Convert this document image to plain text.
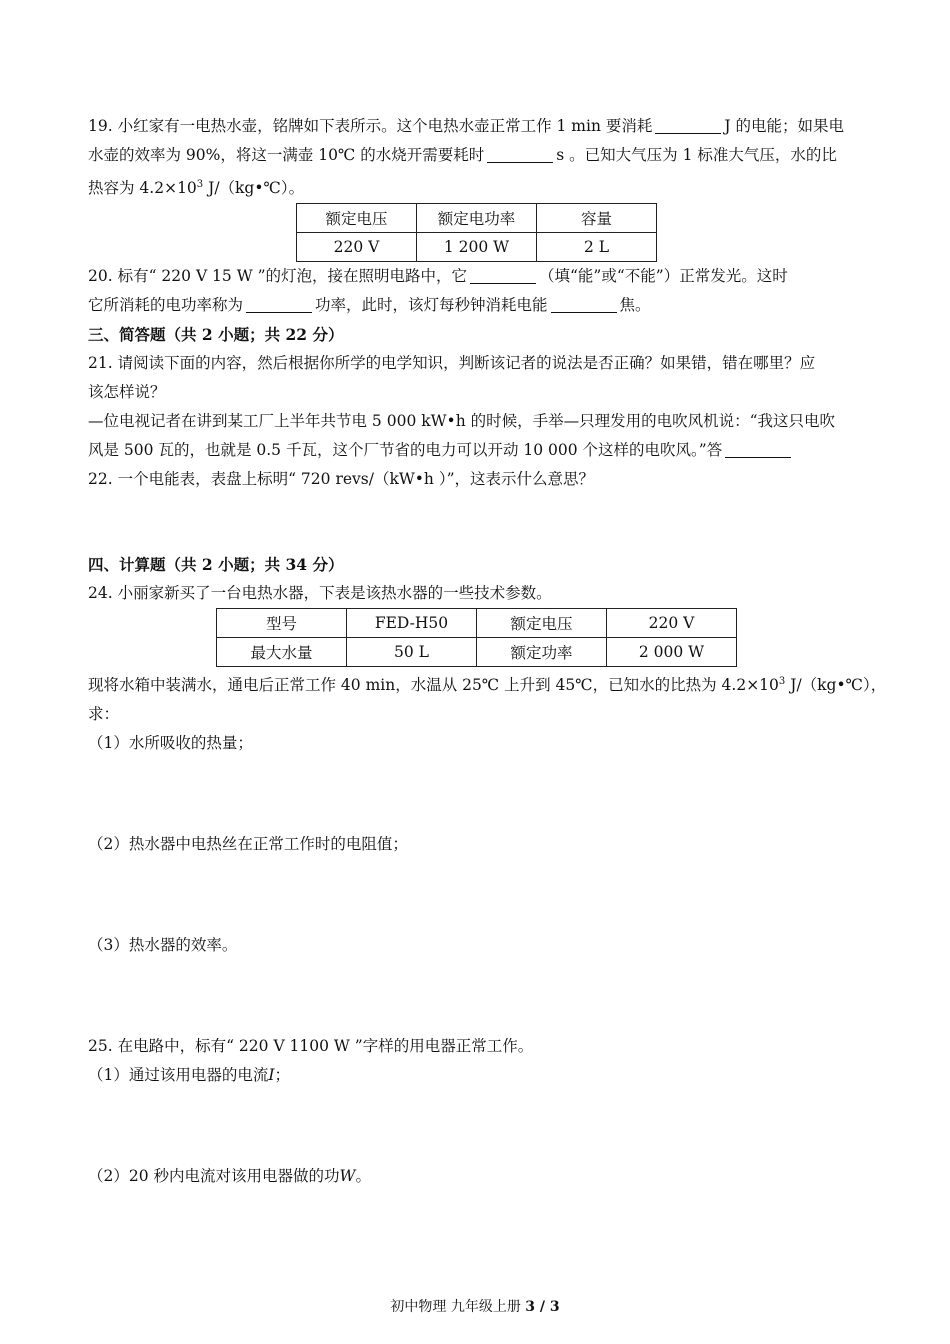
19. 小红家有一电热水壶，铭牌如下表所示。这个电热水壶正常工作 1 min 要消耗	J 的电能；如果电
水壶的效率为 90%，将这一满壶 10℃ 的水烧开需要耗时	s 。已知大气压为 1 标准大气压，水的比
热容为 $4.2\times 10^3$ J/（kg•℃）。
额定电压	额定电功率	容量
220 V	1 200 W	2 L
20. 标有“ 220 V 15 W ”的灯泡，接在照明电路中，它	（填“能”或“不能”）正常发光。这时
它所消耗的电功率称为	功率，此时，该灯每秒钟消耗电能	焦。
三、简答题（共 2 小题；共 22 分）
21. 请阅读下面的内容，然后根据你所学的电学知识，判断该记者的说法是否正确？如果错，错在哪里？应
该怎样说？
—位电视记者在讲到某工厂上半年共节电 5 000 kW•h 的时候，手举—只理发用的电吹风机说：“我这只电吹
风是 500 瓦的，也就是 0.5 千瓦，这个厂节省的电力可以开动 10 000 个这样的电吹风。”答
22. 一个电能表，表盘上标明“ 720 revs/（kW•h ）”，这表示什么意思？
四、计算题（共 2 小题；共 34 分）
24. 小丽家新买了一台电热水器，下表是该热水器的一些技术参数。
型号	FED-H50	额定电压	220 V
最大水量	50 L	额定功率	2 000 W
现将水箱中装满水，通电后正常工作 40 min，水温从 25℃ 上升到 45℃，已知水的比热为 $4.2\times 10^3$ J/（kg•℃），
求：
（1）水所吸收的热量；
（2）热水器中电热丝在正常工作时的电阻值；
（3）热水器的效率。
25. 在电路中，标有“ 220 V 1100 W ”字样的用电器正常工作。
（1）通过该用电器的电流I；
（2）20 秒内电流对该用电器做的功W。
初中物理 九年级上册 3 / 3
